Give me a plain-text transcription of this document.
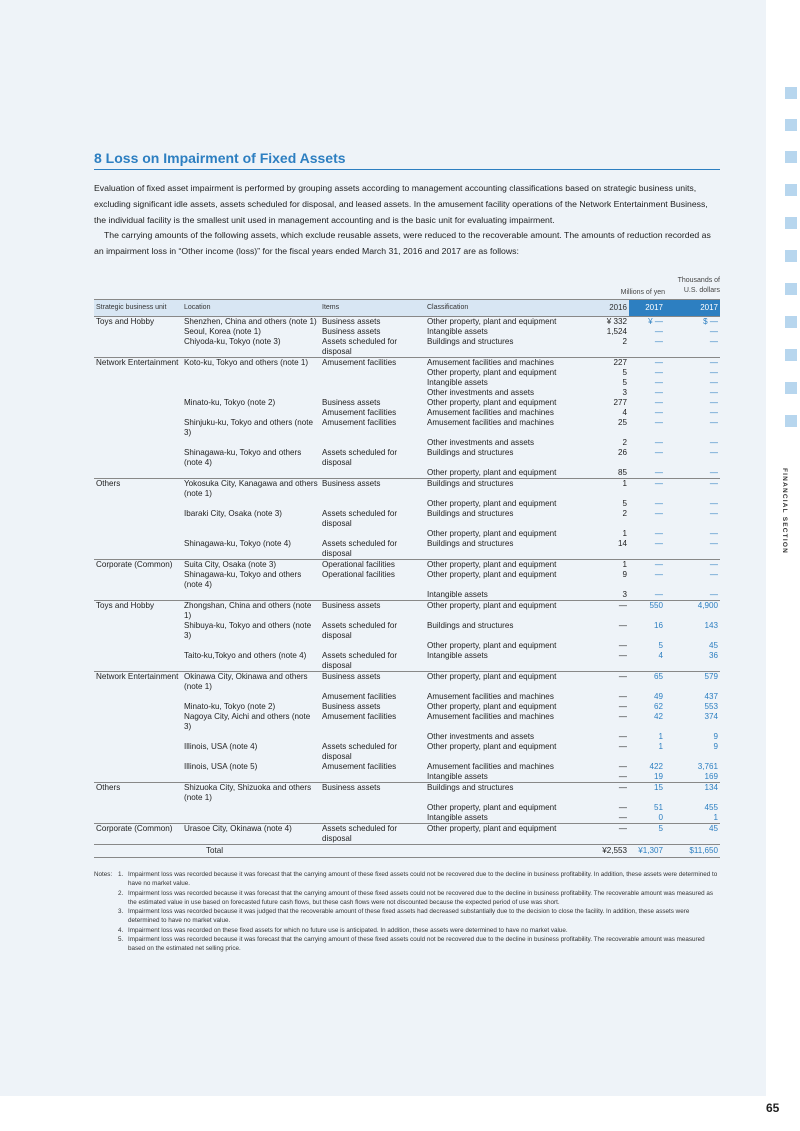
FINANCIAL SECTION
65
8 Loss on Impairment of Fixed Assets

Evaluation of fixed asset impairment is performed by grouping assets according to management accounting classifications based on strategic business units, excluding significant idle assets, assets scheduled for disposal, and leased assets. In the amusement facility operations of the Network Entertainment Business, the individual facility is the smallest unit used in management accounting and is the basic unit for evaluating impairment.

The carrying amounts of the following assets, which exclude reusable assets, were reduced to the recoverable amount. The amounts of reduction recorded as an impairment loss in “Other income (loss)” for the fiscal years ended March 31, 2016 and 2017 are as follows:

Millions of yen
Thousands of U.S. dollars
Strategic business unit	Location	Items	Classification	2016	2017	2017
Toys and Hobby	Shenzhen, China and others (note 1)	Business assets	Other property, plant and equipment	¥ 332	¥ —	$ —
	Seoul, Korea (note 1)	Business assets	Intangible assets	1,524	—	—
	Chiyoda-ku, Tokyo (note 3)	Assets scheduled for disposal	Buildings and structures	2	—	—
Network Entertainment	Koto-ku, Tokyo and others (note 1)	Amusement facilities	Amusement facilities and machines	227	—	—
			Other property, plant and equipment	5	—	—
			Intangible assets	5	—	—
			Other investments and assets	3	—	—
	Minato-ku, Tokyo (note 2)	Business assets	Other property, plant and equipment	277	—	—
		Amusement facilities	Amusement facilities and machines	4	—	—
	Shinjuku-ku, Tokyo and others (note 3)	Amusement facilities	Amusement facilities and machines	25	—	—
			Other investments and assets	2	—	—
	Shinagawa-ku, Tokyo and others (note 4)	Assets scheduled for disposal	Buildings and structures	26	—	—
			Other property, plant and equipment	85	—	—
Others	Yokosuka City, Kanagawa and others (note 1)	Business assets	Buildings and structures	1	—	—
			Other property, plant and equipment	5	—	—
	Ibaraki City, Osaka (note 3)	Assets scheduled for disposal	Buildings and structures	2	—	—
			Other property, plant and equipment	1	—	—
	Shinagawa-ku, Tokyo (note 4)	Assets scheduled for disposal	Buildings and structures	14	—	—
Corporate (Common)	Suita City, Osaka (note 3)	Operational facilities	Other property, plant and equipment	1	—	—
	Shinagawa-ku, Tokyo and others (note 4)	Operational facilities	Other property, plant and equipment	9	—	—
			Intangible assets	3	—	—
Toys and Hobby	Zhongshan, China and others (note 1)	Business assets	Other property, plant and equipment	—	550	4,900
	Shibuya-ku, Tokyo and others (note 3)	Assets scheduled for disposal	Buildings and structures	—	16	143
			Other property, plant and equipment	—	5	45
	Taito-ku,Tokyo and others (note 4)	Assets scheduled for disposal	Intangible assets	—	4	36
Network Entertainment	Okinawa City, Okinawa and others (note 1)	Business assets	Other property, plant and equipment	—	65	579
		Amusement facilities	Amusement facilities and machines	—	49	437
	Minato-ku, Tokyo (note 2)	Business assets	Other property, plant and equipment	—	62	553
	Nagoya City, Aichi and others (note 3)	Amusement facilities	Amusement facilities and machines	—	42	374
			Other investments and assets	—	1	9
	Illinois, USA (note 4)	Assets scheduled for disposal	Other property, plant and equipment	—	1	9
	Illinois, USA (note 5)	Amusement facilities	Amusement facilities and machines	—	422	3,761
			Intangible assets	—	19	169
Others	Shizuoka City, Shizuoka and others (note 1)	Business assets	Buildings and structures	—	15	134
			Other property, plant and equipment	—	51	455
			Intangible assets	—	0	1
Corporate (Common)	Urasoe City, Okinawa (note 4)	Assets scheduled for disposal	Other property, plant and equipment	—	5	45
	Total			¥2,553	¥1,307	$11,650
Notes: 1. Impairment loss was recorded because it was forecast that the carrying amount of these fixed assets could not be recovered due to the decline in business profitability. In addition, these assets were determined to have no market value.
2. Impairment loss was recorded because it was forecast that the carrying amount of these fixed assets could not be recovered due to the decline in business profitability. The recoverable amount was measured as the estimated value in use based on forecasted future cash flows, but these cash flows were not discounted because the expected period of use was short.
3. Impairment loss was recorded because it was judged that the recoverable amount of these fixed assets had decreased substantially due to the decision to close the facility. In addition, these assets were determined to have no market value.
4. Impairment loss was recorded on these fixed assets for which no future use is anticipated. In addition, these assets were determined to have no market value.
5. Impairment loss was recorded because it was forecast that the carrying amount of these fixed assets could not be recovered due to the decline in business profitability. The recoverable amount was measured based on the estimated net selling price.
